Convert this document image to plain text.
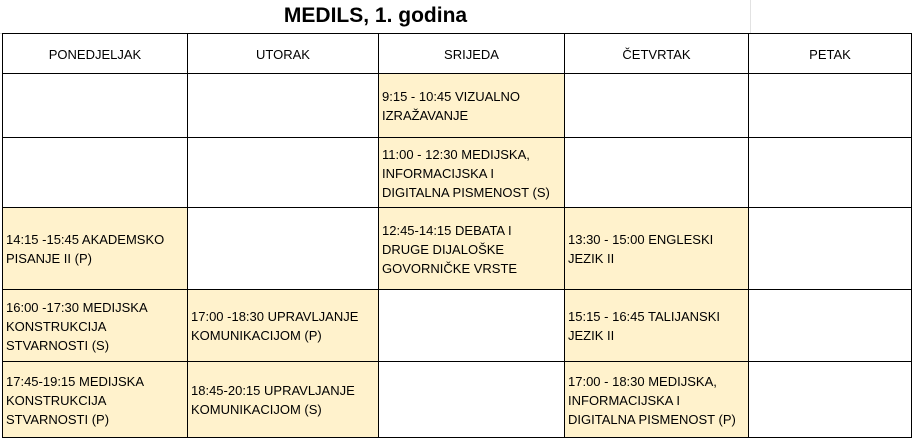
MEDILS, 1. godina
PONEDJELJAK	UTORAK	SRIJEDA	ČETVRTAK	PETAK
		9:15 - 10:45 VIZUALNO
IZRAŽAVANJE		
		11:00 - 12:30 MEDIJSKA,
INFORMACIJSKA I
DIGITALNA PISMENOST (S)		
14:15 -15:45 AKADEMSKO
PISANJE II (P)		12:45-14:15 DEBATA I
DRUGE DIJALOŠKE
GOVORNIČKE VRSTE	13:30 - 15:00 ENGLESKI
JEZIK II	
16:00 -17:30 MEDIJSKA
KONSTRUKCIJA
STVARNOSTI (S)	17:00 -18:30 UPRAVLJANJE
KOMUNIKACIJOM (P)		15:15 - 16:45 TALIJANSKI
JEZIK II	
17:45-19:15 MEDIJSKA
KONSTRUKCIJA
STVARNOSTI (P)	18:45-20:15 UPRAVLJANJE
KOMUNIKACIJOM (S)		17:00 - 18:30 MEDIJSKA,
INFORMACIJSKA I
DIGITALNA PISMENOST (P)	
